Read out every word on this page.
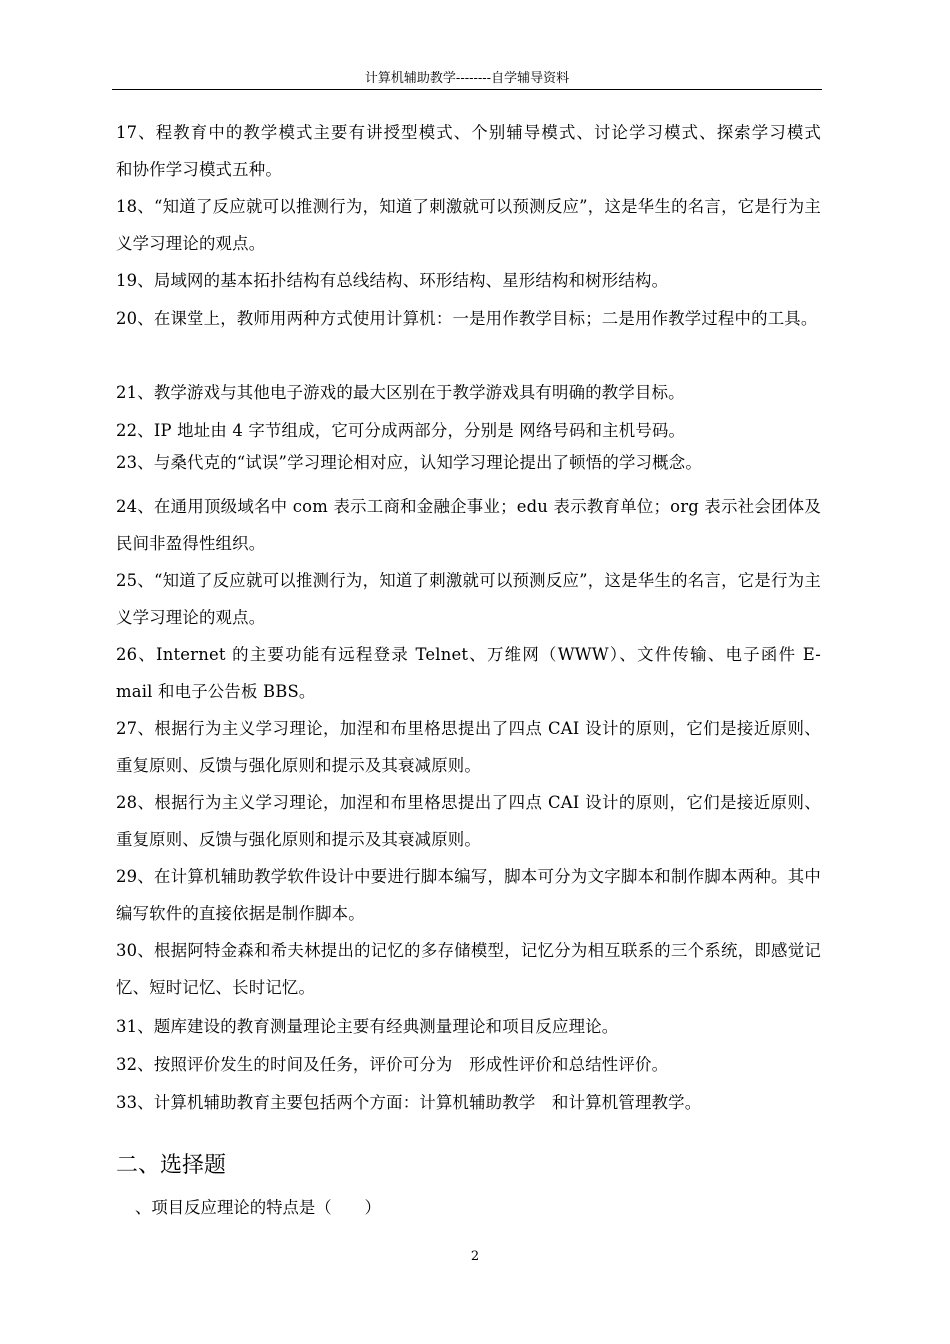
计算机辅助教学--------自学辅导资料
17、程教育中的教学模式主要有讲授型模式、个别辅导模式、讨论学习模式、探索学习模式　　　和协作学习模式五种。
18、“知道了反应就可以推测行为，知道了刺激就可以预测反应”，这是华生的名言，它是行为主义学习理论的观点。
19、局域网的基本拓扑结构有总线结构、环形结构、星形结构和树形结构。
20、在课堂上，教师用两种方式使用计算机：一是用作教学目标；二是用作教学过程中的工具。
21、教学游戏与其他电子游戏的最大区别在于教学游戏具有明确的教学目标。
22、IP 地址由 4 字节组成，它可分成两部分，分别是 网络号码和主机号码。
23、与桑代克的“试误”学习理论相对应，认知学习理论提出了顿悟的学习概念。
24、在通用顶级域名中 com 表示工商和金融企事业；edu 表示教育单位；org 表示社会团体及民间非盈得性组织。
25、“知道了反应就可以推测行为，知道了刺激就可以预测反应”，这是华生的名言，它是行为主义学习理论的观点。
26、Internet 的主要功能有远程登录 Telnet、万维网（WWW）、文件传输、电子函件 E-mail 和电子公告板 BBS。
27、根据行为主义学习理论，加涅和布里格思提出了四点 CAI 设计的原则，它们是接近原则、重复原则、反馈与强化原则和提示及其衰减原则。
28、根据行为主义学习理论，加涅和布里格思提出了四点 CAI 设计的原则，它们是接近原则、重复原则、反馈与强化原则和提示及其衰减原则。
29、在计算机辅助教学软件设计中要进行脚本编写，脚本可分为文字脚本和制作脚本两种。其中编写软件的直接依据是制作脚本。
30、根据阿特金森和希夫林提出的记忆的多存储模型，记忆分为相互联系的三个系统，即感觉记忆、短时记忆、长时记忆。
31、题库建设的教育测量理论主要有经典测量理论和项目反应理论。
32、按照评价发生的时间及任务，评价可分为　形成性评价和总结性评价。
33、计算机辅助教育主要包括两个方面：计算机辅助教学　和计算机管理教学。
二、选择题
、项目反应理论的特点是（　　）
2
